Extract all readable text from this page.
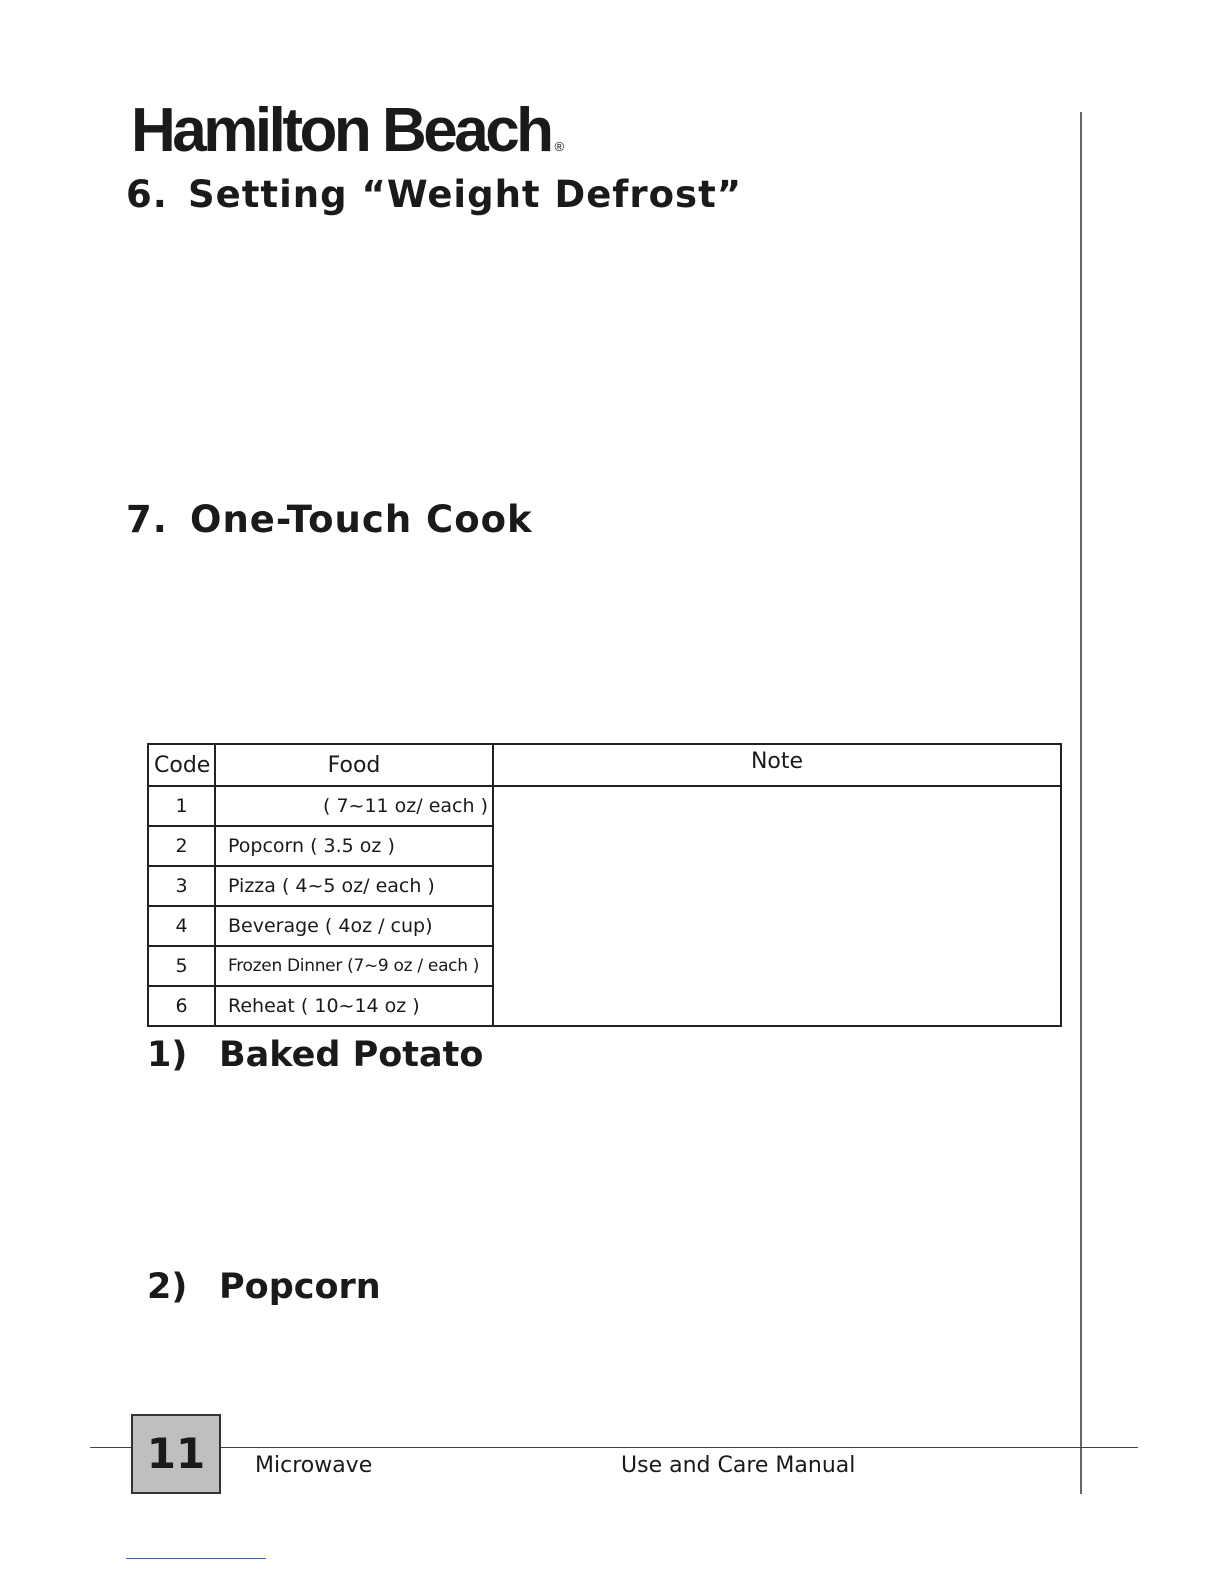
Hamilton Beach ®
6. Setting “Weight Defrost”
7. One-Touch Cook
Code	Food	Note
1	( 7~11 oz/ each )	
2	Popcorn ( 3.5 oz )	
3	Pizza ( 4~5 oz/ each )	
4	Beverage ( 4oz / cup)	
5	Frozen Dinner (7~9 oz / each )	
6	Reheat ( 10~14 oz )	
1) Baked Potato
2) Popcorn
11	Microwave	Use and Care Manual
